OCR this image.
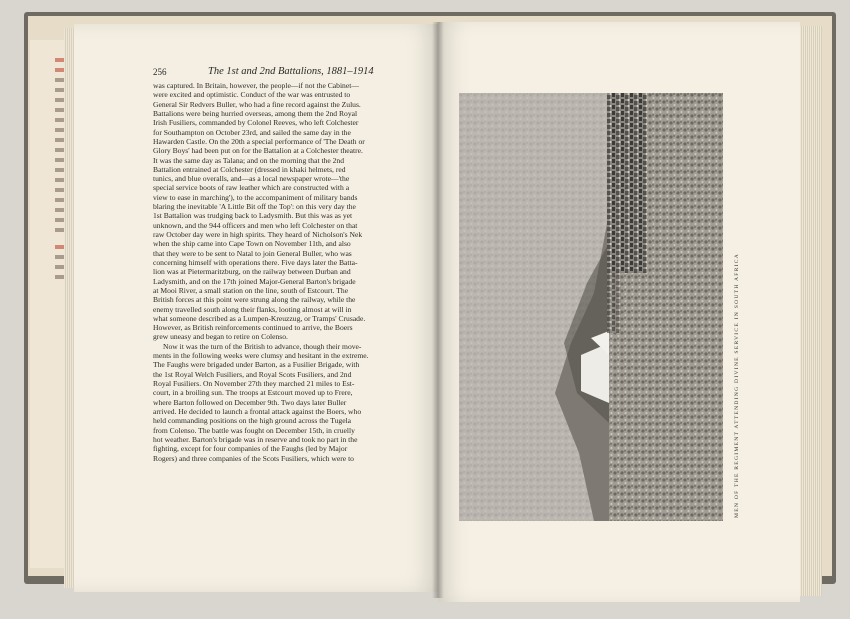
256	The 1st and 2nd Battalions, 1881–1914
was captured. In Britain, however, the people—if not the Cabinet—
were excited and optimistic. Conduct of the war was entrusted to
General Sir Redvers Buller, who had a fine record against the Zulus.
Battalions were being hurried overseas, among them the 2nd Royal
Irish Fusiliers, commanded by Colonel Reeves, who left Colchester
for Southampton on October 23rd, and sailed the same day in the
Hawarden Castle. On the 20th a special performance of 'The Death or
Glory Boys' had been put on for the Battalion at a Colchester theatre.
It was the same day as Talana; and on the morning that the 2nd
Battalion entrained at Colchester (dressed in khaki helmets, red
tunics, and blue overalls, and—as a local newspaper wrote—'the
special service boots of raw leather which are constructed with a
view to ease in marching'), to the accompaniment of military bands
blaring the inevitable 'A Little Bit off the Top': on this very day the
1st Battalion was trudging back to Ladysmith. But this was as yet
unknown, and the 944 officers and men who left Colchester on that
raw October day were in high spirits. They heard of Nicholson's Nek
when the ship came into Cape Town on November 11th, and also
that they were to be sent to Natal to join General Buller, who was
concerning himself with operations there. Five days later the Batta-
lion was at Pietermaritzburg, on the railway between Durban and
Ladysmith, and on the 17th joined Major-General Barton's brigade
at Mooi River, a small station on the line, south of Estcourt. The
British forces at this point were strung along the railway, while the
enemy travelled south along their flanks, looting almost at will in
what someone described as a Lumpen-Kreuzzug, or Tramps' Crusade.
However, as British reinforcements continued to arrive, the Boers
grew uneasy and began to retire on Colenso.
Now it was the turn of the British to advance, though their move-
ments in the following weeks were clumsy and hesitant in the extreme.
The Faughs were brigaded under Barton, as a Fusilier Brigade, with
the 1st Royal Welch Fusiliers, and Royal Scots Fusiliers, and 2nd
Royal Fusiliers. On November 27th they marched 21 miles to Est-
court, in a broiling sun. The troops at Estcourt moved up to Frere,
where Barton followed on December 9th. Two days later Buller
arrived. He decided to launch a frontal attack against the Boers, who
held commanding positions on the high ground across the Tugela
from Colenso. The battle was fought on December 15th, in cruelly
hot weather. Barton's brigade was in reserve and took no part in the
fighting, except for four companies of the Faughs (led by Major
Rogers) and three companies of the Scots Fusiliers, which were to	MEN OF THE REGIMENT ATTENDING DIVINE SERVICE IN SOUTH AFRICA
